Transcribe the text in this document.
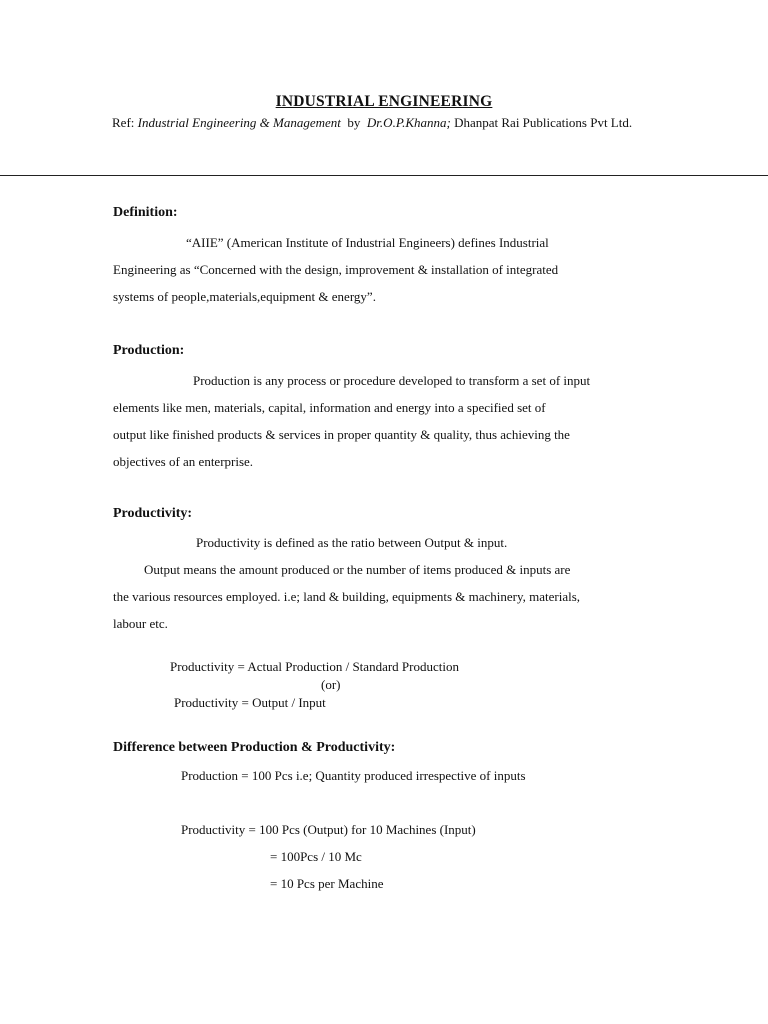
INDUSTRIAL ENGINEERING
Ref: Industrial Engineering & Management  by  Dr.O.P.Khanna; Dhanpat Rai Publications Pvt Ltd.
Definition:
“AIIE” (American Institute of Industrial Engineers) defines Industrial
Engineering as “Concerned with the design, improvement & installation of integrated
systems of people,materials,equipment & energy”.
Production:
Production is any process or procedure developed to transform a set of input
elements like men, materials, capital, information and energy into a specified set of
output like finished products & services in proper quantity & quality, thus achieving the
objectives of an enterprise.
Productivity:
Productivity is defined as the ratio between Output & input.
Output means the amount produced or the number of items produced & inputs are
the various resources employed. i.e; land & building, equipments & machinery, materials,
labour etc.
Productivity = Actual Production / Standard Production
(or)
Productivity = Output / Input
Difference between Production & Productivity:
Production = 100 Pcs i.e; Quantity produced irrespective of inputs
Productivity = 100 Pcs (Output) for 10 Machines (Input)
= 100Pcs / 10 Mc
= 10 Pcs per Machine
